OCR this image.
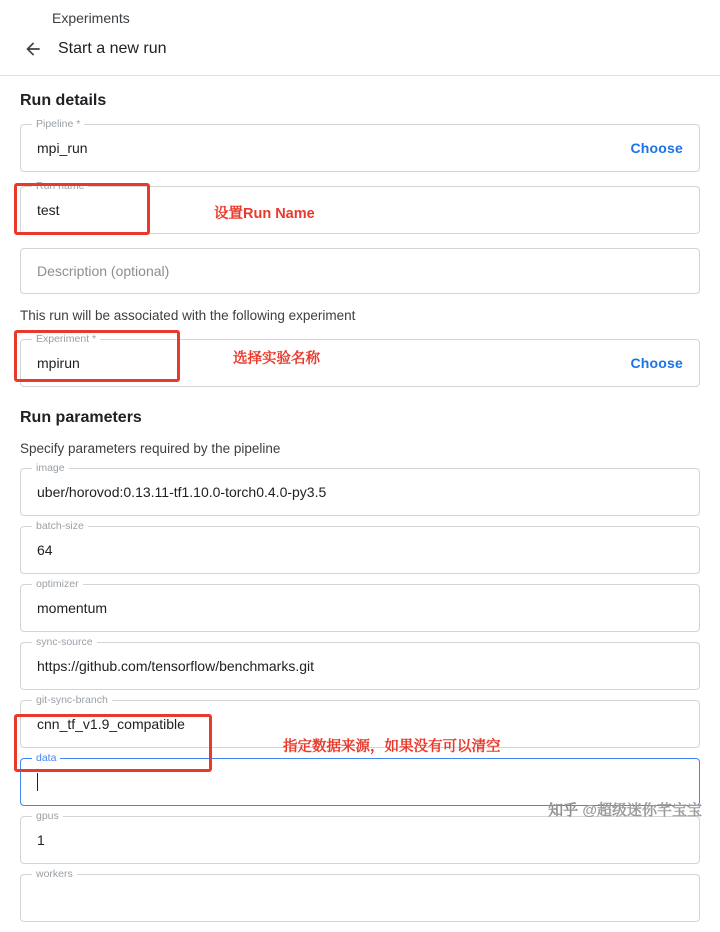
Experiments
Start a new run
Run details
Pipeline *
mpi_run	Choose
Run name
test
Description (optional)
This run will be associated with the following experiment
Experiment *
mpirun	Choose
Run parameters
Specify parameters required by the pipeline
image
uber/horovod:0.13.11-tf1.10.0-torch0.4.0-py3.5
batch-size
64
optimizer
momentum
sync-source
https://github.com/tensorflow/benchmarks.git
git-sync-branch
cnn_tf_v1.9_compatible
data
gpus
1
workers
设置Run Name
选择实验名称
指定数据来源，如果没有可以清空
知乎 @超级迷你芊宝宝
